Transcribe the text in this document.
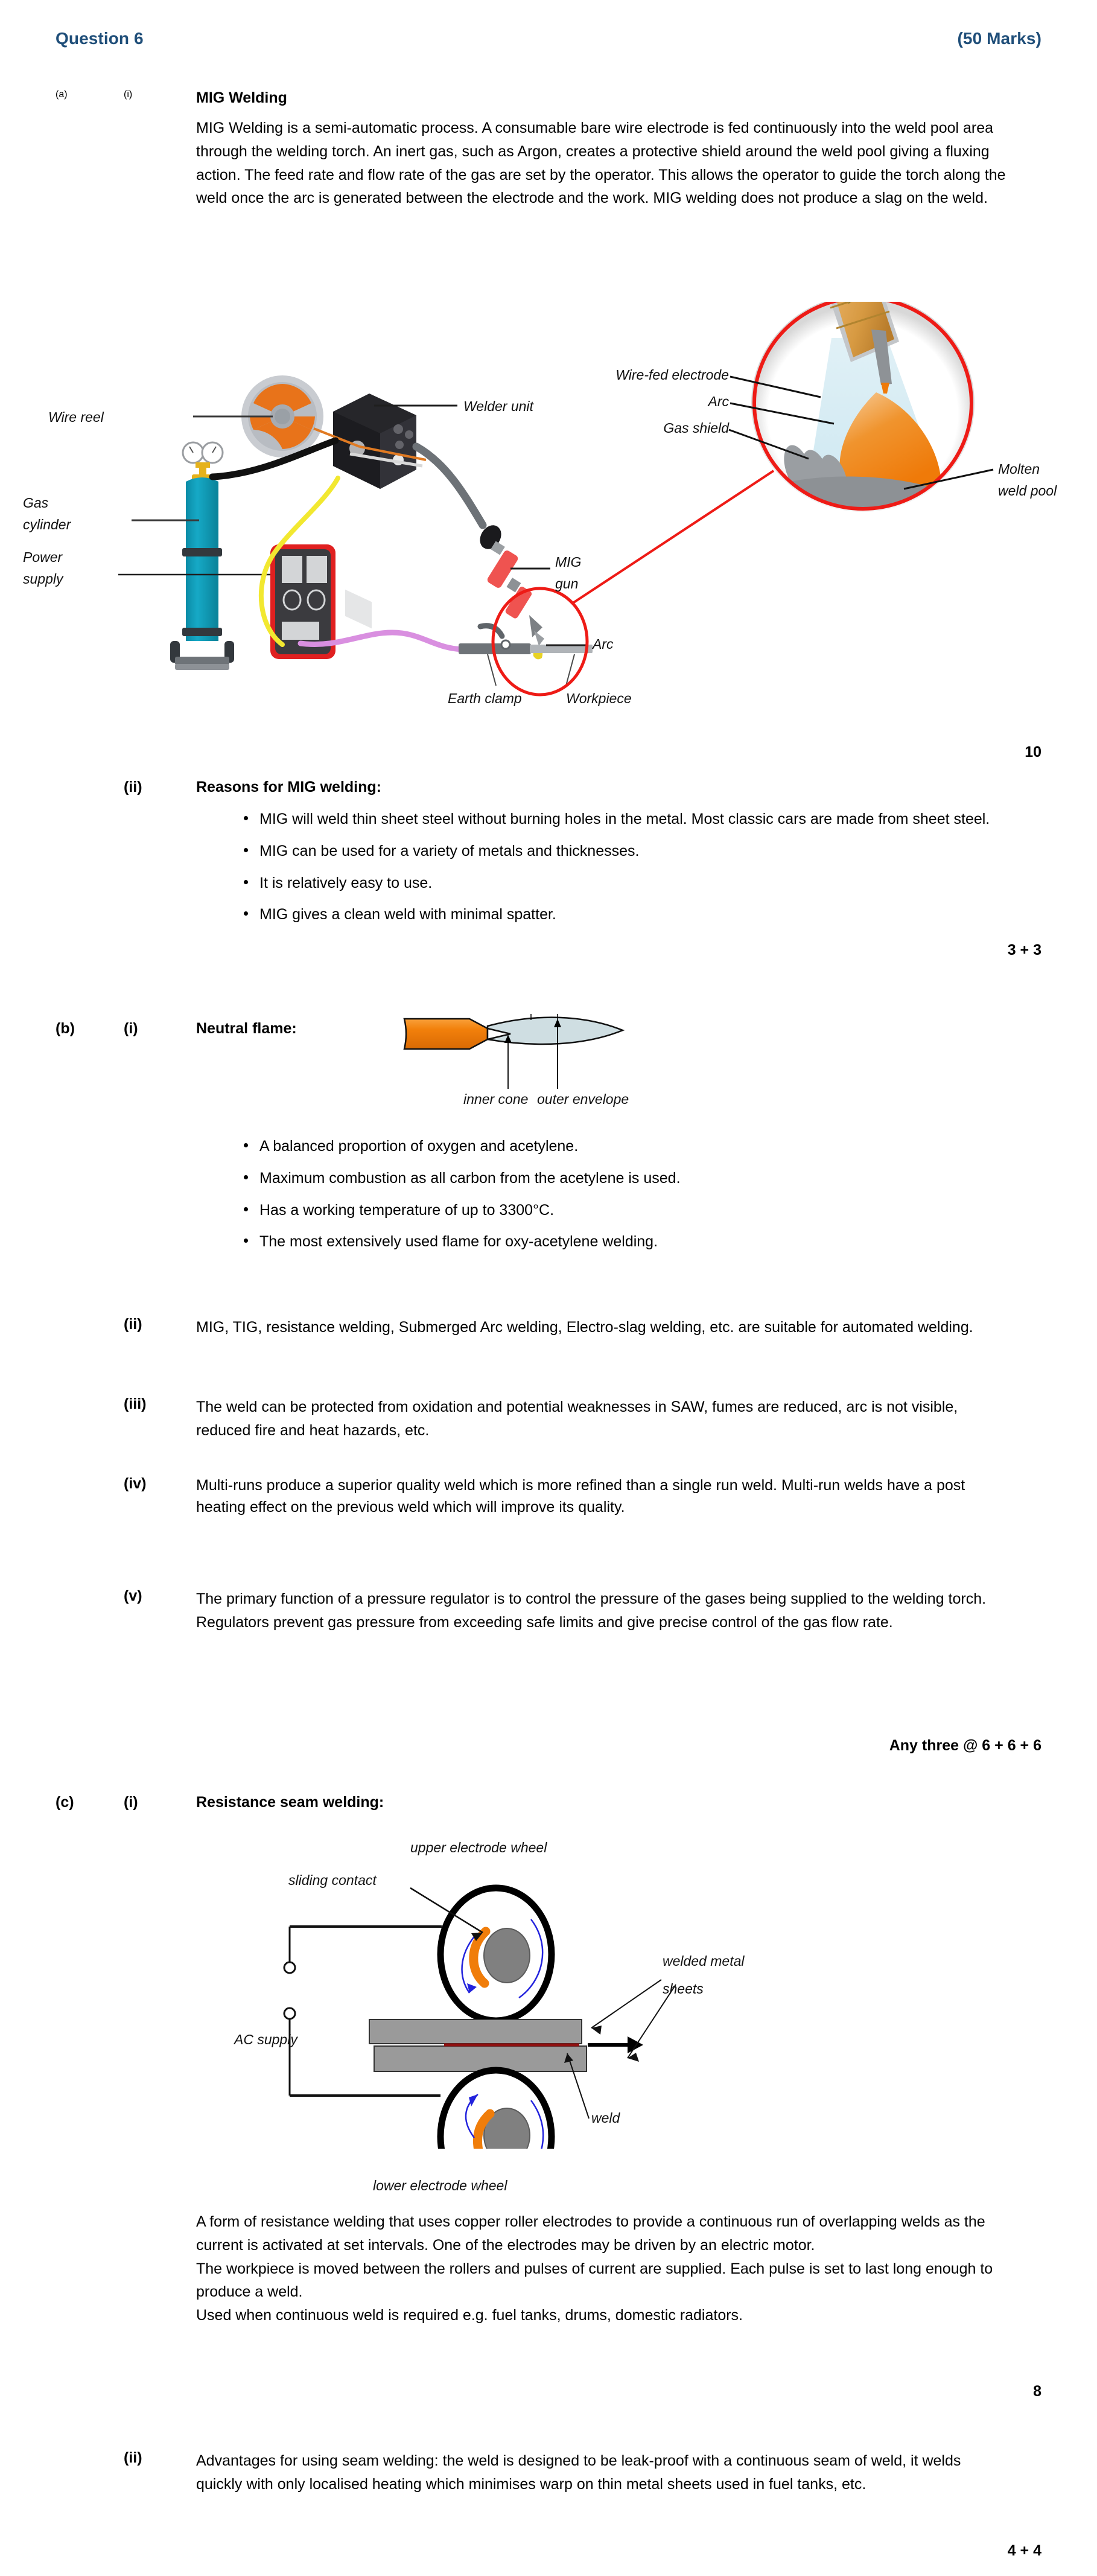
Question 6	(50 Marks)
(a)	(i)	MIG Welding
MIG Welding is a semi-automatic process. A consumable bare wire electrode is fed continuously into the weld pool area through the welding torch. An inert gas, such as Argon, creates a protective shield around the weld pool giving a fluxing action. The feed rate and flow rate of the gas are set by the operator. This allows the operator to guide the torch along the weld once the arc is generated between the electrode and the work. MIG welding does not produce a slag on the weld.
Wire reel
Welder unit
Gas
cylinder
Power
supply
MIG
gun
Arc
Earth clamp	Workpiece
Wire-fed electrode
Arc
Gas shield
Molten
weld pool
10
(ii)	Reasons for MIG welding:
MIG will weld thin sheet steel without burning holes in the metal. Most classic cars are made from sheet steel.
MIG can be used for a variety of metals and thicknesses.
It is relatively easy to use.
MIG gives a clean weld with minimal spatter.
3 + 3
(b)	(i)	Neutral flame:
inner cone outer envelope
A balanced proportion of oxygen and acetylene.
Maximum combustion as all carbon from the acetylene is used.
Has a working temperature of up to 3300°C.
The most extensively used flame for oxy-acetylene welding.
(ii)	MIG, TIG, resistance welding, Submerged Arc welding, Electro-slag welding, etc. are suitable for automated welding.
(iii)	The weld can be protected from oxidation and potential weaknesses in SAW, fumes are reduced, arc is not visible, reduced fire and heat hazards, etc.
(iv)	Multi-runs produce a superior quality weld which is more refined than a single run weld. Multi-run welds have a post heating effect on the previous weld which will improve its quality.
(v)	The primary function of a pressure regulator is to control the pressure of the gases being supplied to the welding torch. Regulators prevent gas pressure from exceeding safe limits and give precise control of the gas flow rate.
Any three @ 6 + 6 + 6
(c)	(i)	Resistance seam welding:
sliding contact
upper electrode wheel
welded metal
sheets
AC supply
weld
lower electrode wheel
A form of resistance welding that uses copper roller electrodes to provide a continuous run of overlapping welds as the current is activated at set intervals. One of the electrodes may be driven by an electric motor.
The workpiece is moved between the rollers and pulses of current are supplied. Each pulse is set to last long enough to produce a weld.
Used when continuous weld is required e.g. fuel tanks, drums, domestic radiators.
8
(ii)	Advantages for using seam welding: the weld is designed to be leak-proof with a continuous seam of weld, it welds quickly with only localised heating which minimises warp on thin metal sheets used in fuel tanks, etc.
4 + 4
